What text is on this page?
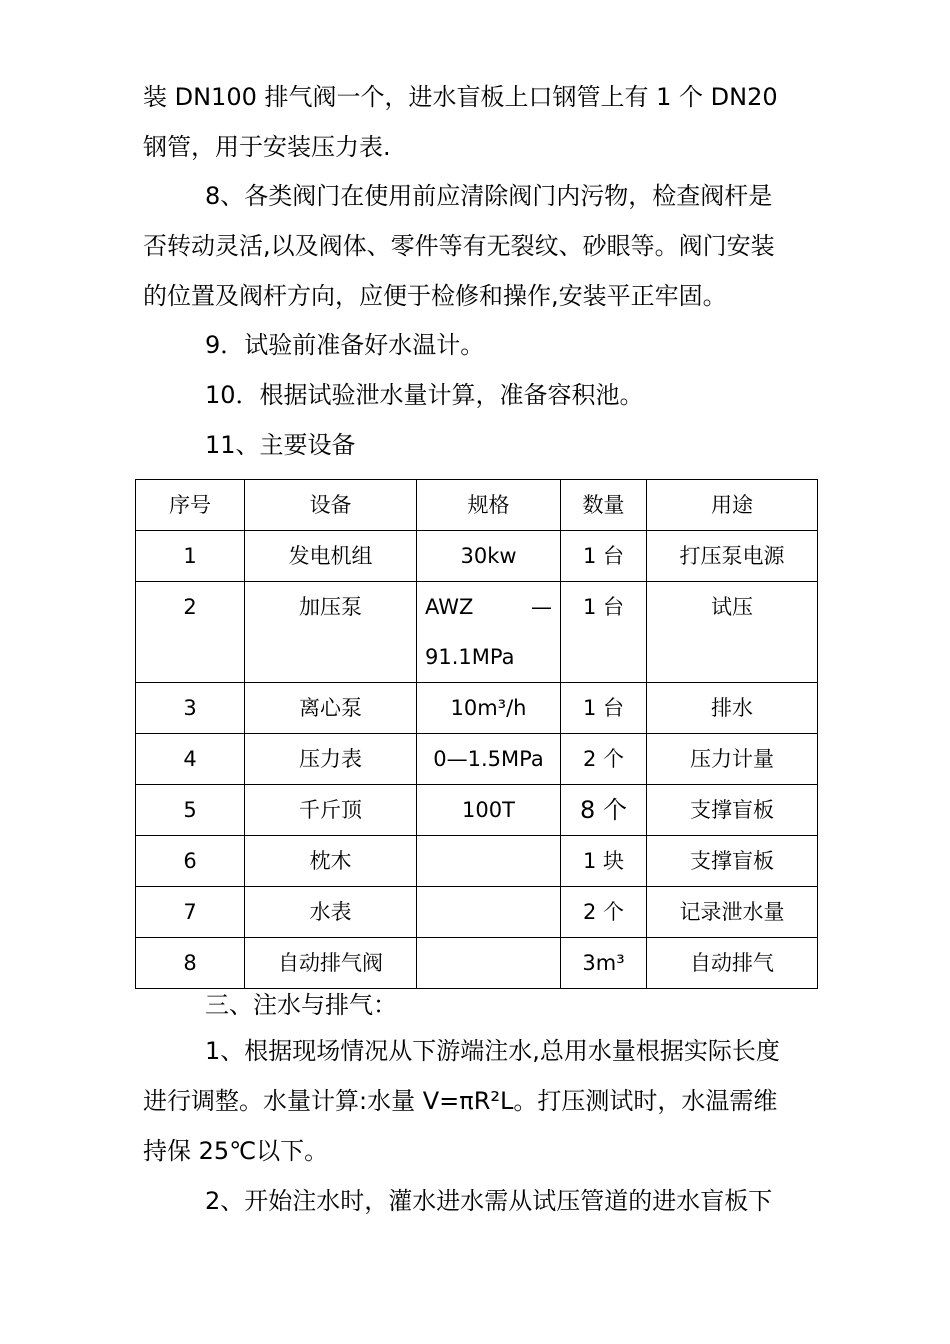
装 DN100 排气阀一个，进水盲板上口钢管上有 1 个 DN20
钢管，用于安装压力表.
8、各类阀门在使用前应清除阀门内污物，检查阀杆是
否转动灵活,以及阀体、零件等有无裂纹、砂眼等。阀门安装
的位置及阀杆方向，应便于检修和操作,安装平正牢固。
9．试验前准备好水温计。
10．根据试验泄水量计算，准备容积池。
11、主要设备
序号	设备	规格	数量	用途
1	发电机组	30kw	1 台	打压泵电源
2	加压泵	AWZ —
91.1MPa	1 台	试压
3	离心泵	10m³/h	1 台	排水
4	压力表	0—1.5MPa	2 个	压力计量
5	千斤顶	100T	8 个	支撑盲板
6	枕木		1 块	支撑盲板
7	水表		2 个	记录泄水量
8	自动排气阀		3m³	自动排气
三、注水与排气：
1、根据现场情况从下游端注水,总用水量根据实际长度
进行调整。水量计算:水量 V=πR²L。打压测试时，水温需维
持保 25℃以下。
2、开始注水时，灌水进水需从试压管道的进水盲板下
